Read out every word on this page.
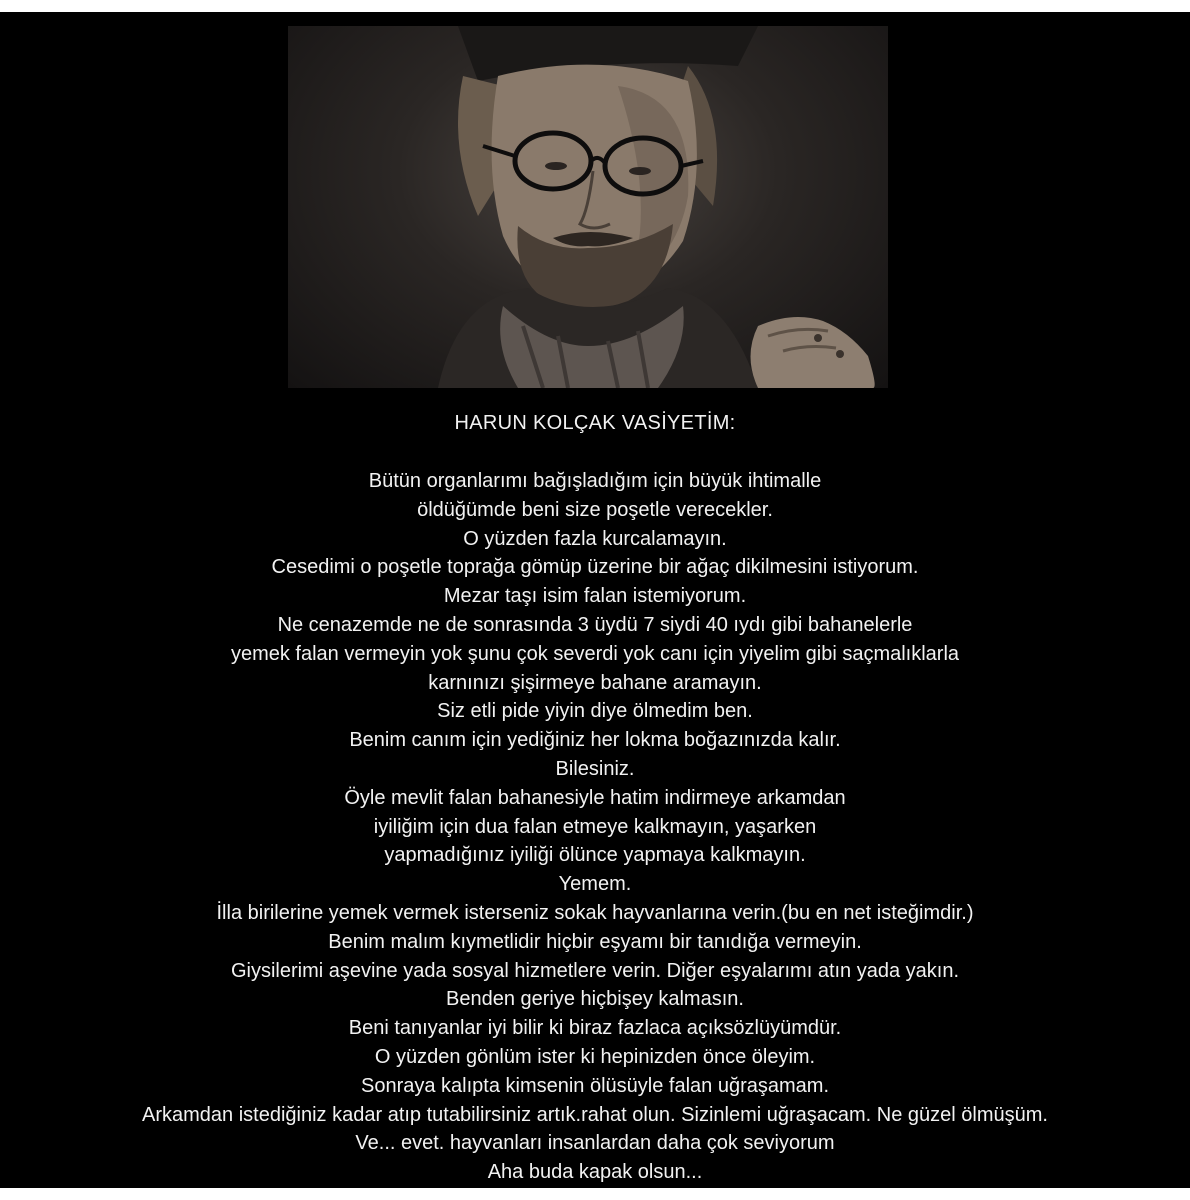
HARUN KOLÇAK VASİYETİM:
Bütün organlarımı bağışladığım için büyük ihtimalle
öldüğümde beni size poşetle verecekler.
O yüzden fazla kurcalamayın.
Cesedimi o poşetle toprağa gömüp üzerine bir ağaç dikilmesini istiyorum.
Mezar taşı isim falan istemiyorum.
Ne cenazemde ne de sonrasında 3 üydü 7 siydi 40 ıydı gibi bahanelerle
yemek falan vermeyin yok şunu çok severdi yok canı için yiyelim gibi saçmalıklarla
karnınızı şişirmeye bahane aramayın.
Siz etli pide yiyin diye ölmedim ben.
Benim canım için yediğiniz her lokma boğazınızda kalır.
Bilesiniz.
Öyle mevlit falan bahanesiyle hatim indirmeye arkamdan
iyiliğim için dua falan etmeye kalkmayın, yaşarken
yapmadığınız iyiliği ölünce yapmaya kalkmayın.
Yemem.
İlla birilerine yemek vermek isterseniz sokak hayvanlarına verin.(bu en net isteğimdir.)
Benim malım kıymetlidir hiçbir eşyamı bir tanıdığa vermeyin.
Giysilerimi aşevine yada sosyal hizmetlere verin. Diğer eşyalarımı atın yada yakın.
Benden geriye hiçbişey kalmasın.
Beni tanıyanlar iyi bilir ki biraz fazlaca açıksözlüyümdür.
O yüzden gönlüm ister ki hepinizden önce öleyim.
Sonraya kalıpta kimsenin ölüsüyle falan uğraşamam.
Arkamdan istediğiniz kadar atıp tutabilirsiniz artık.rahat olun. Sizinlemi uğraşacam. Ne güzel ölmüşüm.
Ve... evet. hayvanları insanlardan daha çok seviyorum
Aha buda kapak olsun...
